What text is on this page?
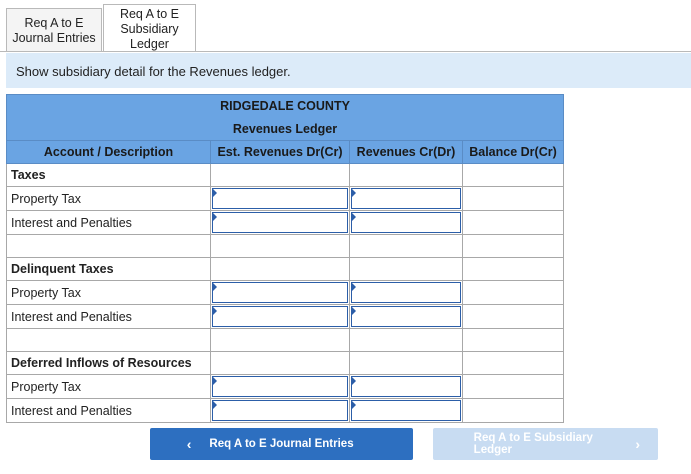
Req A to E
Journal Entries
Req A to E
Subsidiary
Ledger
Show subsidiary detail for the Revenues ledger.
RIDGEDALE COUNTY			
Revenues Ledger			
Account / Description	Est. Revenues Dr(Cr)	Revenues Cr(Dr)	Balance Dr(Cr)
Taxes			
Property Tax	

Interest and Penalties	

Delinquent Taxes			
Property Tax	

Interest and Penalties	

Deferred Inflows of Resources			
Property Tax	

Interest and Penalties	

‹ Req A to E Journal Entries	Req A to E Subsidiary Ledger	›
